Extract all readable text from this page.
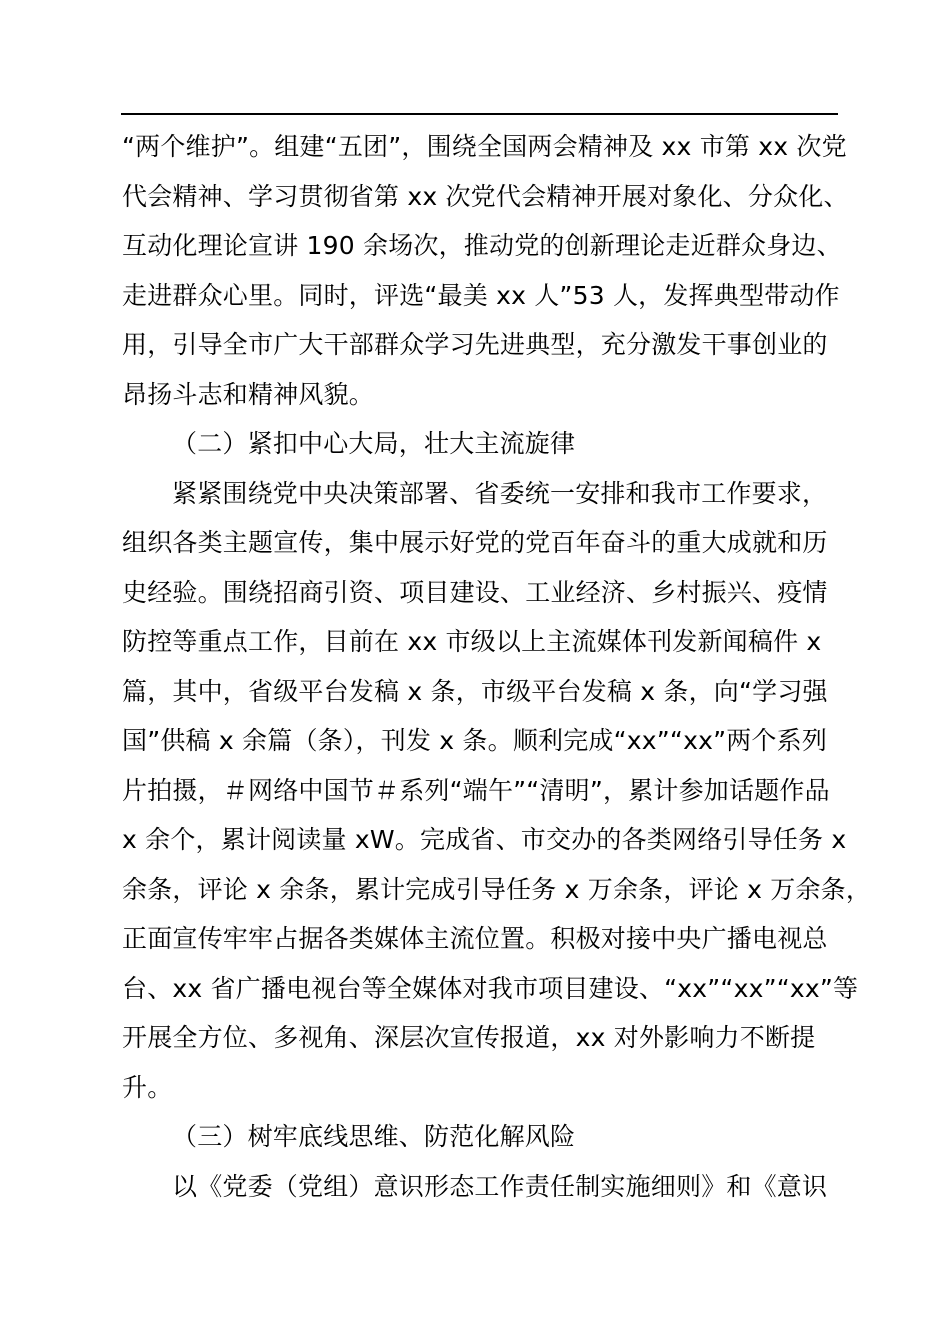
“两个维护”。组建“五团”，围绕全国两会精神及 xx 市第 xx 次党
代会精神、学习贯彻省第 xx 次党代会精神开展对象化、分众化、
互动化理论宣讲 190 余场次，推动党的创新理论走近群众身边、
走进群众心里。同时，评选“最美 xx 人”53 人，发挥典型带动作
用，引导全市广大干部群众学习先进典型，充分激发干事创业的
昂扬斗志和精神风貌。
（二）紧扣中心大局，壮大主流旋律
紧紧围绕党中央决策部署、省委统一安排和我市工作要求，
组织各类主题宣传，集中展示好党的党百年奋斗的重大成就和历
史经验。围绕招商引资、项目建设、工业经济、乡村振兴、疫情
防控等重点工作，目前在 xx 市级以上主流媒体刊发新闻稿件 x
篇，其中，省级平台发稿 x 条，市级平台发稿 x 条，向“学习强
国”供稿 x 余篇（条），刊发 x 条。顺利完成“xx”“xx”两个系列
片拍摄，＃网络中国节＃系列“端午”“清明”，累计参加话题作品
x 余个，累计阅读量 xW。完成省、市交办的各类网络引导任务 x
余条，评论 x 余条，累计完成引导任务 x 万余条，评论 x 万余条，
正面宣传牢牢占据各类媒体主流位置。积极对接中央广播电视总
台、xx 省广播电视台等全媒体对我市项目建设、“xx”“xx”“xx”等
开展全方位、多视角、深层次宣传报道，xx 对外影响力不断提
升。
（三）树牢底线思维、防范化解风险
以《党委（党组）意识形态工作责任制实施细则》和《意识
